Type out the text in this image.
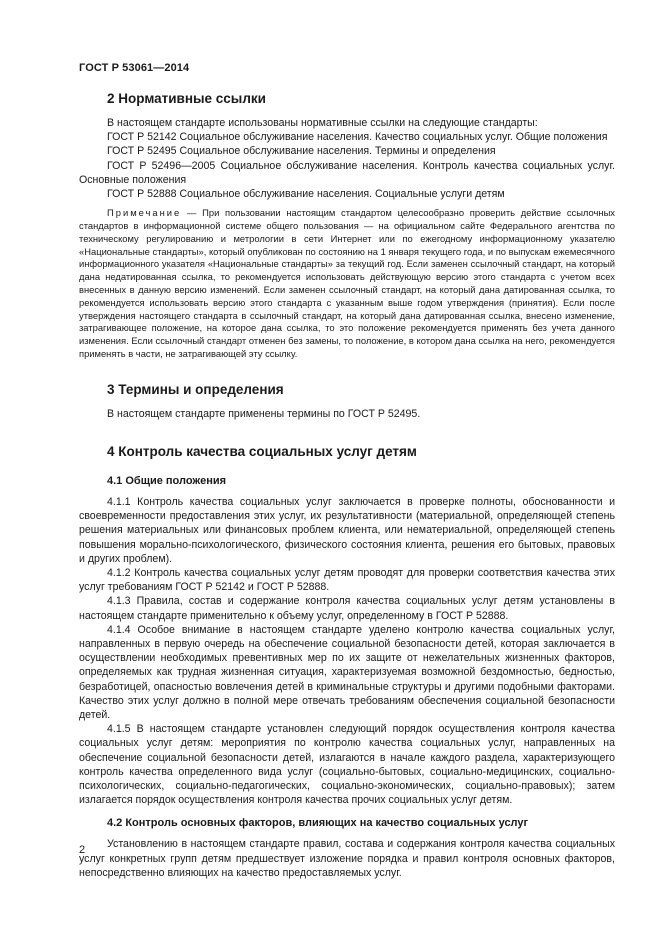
ГОСТ Р 53061—2014
2 Нормативные ссылки

В настоящем стандарте использованы нормативные ссылки на следующие стандарты:

ГОСТ Р 52142 Социальное обслуживание населения. Качество социальных услуг. Общие положения

ГОСТ Р 52495 Социальное обслуживание населения. Термины и определения

ГОСТ Р 52496—2005 Социальное обслуживание населения. Контроль качества социальных услуг. Основные положения

ГОСТ Р 52888 Социальное обслуживание населения. Социальные услуги детям

Примечание — При пользовании настоящим стандартом целесообразно проверить действие ссылочных стандартов в информационной системе общего пользования — на официальном сайте Федерального агентства по техническому регулированию и метрологии в сети Интернет или по ежегодному информационному указателю «Национальные стандарты», который опубликован по состоянию на 1 января текущего года, и по выпускам ежемесячного информационного указателя «Национальные стандарты» за текущий год. Если заменен ссылочный стандарт, на который дана недатированная ссылка, то рекомендуется использовать действующую версию этого стандарта с учетом всех внесенных в данную версию изменений. Если заменен ссылочный стандарт, на который дана датированная ссылка, то рекомендуется использовать версию этого стандарта с указанным выше годом утверждения (принятия). Если после утверждения настоящего стандарта в ссылочный стандарт, на который дана датированная ссылка, внесено изменение, затрагивающее положение, на которое дана ссылка, то это положение рекомендуется применять без учета данного изменения. Если ссылочный стандарт отменен без замены, то положение, в котором дана ссылка на него, рекомендуется применять в части, не затрагивающей эту ссылку.

3 Термины и определения

В настоящем стандарте применены термины по ГОСТ Р 52495.

4 Контроль качества социальных услуг детям
4.1 Общие положения

4.1.1 Контроль качества социальных услуг заключается в проверке полноты, обоснованности и своевременности предоставления этих услуг, их результативности (материальной, определяющей степень решения материальных или финансовых проблем клиента, или нематериальной, определяющей степень повышения морально-психологического, физического состояния клиента, решения его бытовых, правовых и других проблем).

4.1.2 Контроль качества социальных услуг детям проводят для проверки соответствия качества этих услуг требованиям ГОСТ Р 52142 и ГОСТ Р 52888.

4.1.3 Правила, состав и содержание контроля качества социальных услуг детям установлены в настоящем стандарте применительно к объему услуг, определенному в ГОСТ Р 52888.

4.1.4 Особое внимание в настоящем стандарте уделено контролю качества социальных услуг, направленных в первую очередь на обеспечение социальной безопасности детей, которая заключается в осуществлении необходимых превентивных мер по их защите от нежелательных жизненных факторов, определяемых как трудная жизненная ситуация, характеризуемая возможной бездомностью, бедностью, безработицей, опасностью вовлечения детей в криминальные структуры и другими подобными факторами. Качество этих услуг должно в полной мере отвечать требованиям обеспечения социальной безопасности детей.

4.1.5 В настоящем стандарте установлен следующий порядок осуществления контроля качества социальных услуг детям: мероприятия по контролю качества социальных услуг, направленных на обеспечение социальной безопасности детей, излагаются в начале каждого раздела, характеризующего контроль качества определенного вида услуг (социально-бытовых, социально-медицинских, социально-психологических, социально-педагогических, социально-экономических, социально-правовых); затем излагается порядок осуществления контроля качества прочих социальных услуг детям.

4.2 Контроль основных факторов, влияющих на качество социальных услуг

Установлению в настоящем стандарте правил, состава и содержания контроля качества социальных услуг конкретных групп детям предшествует изложение порядка и правил контроля основных факторов, непосредственно влияющих на качество предоставляемых услуг.

2
